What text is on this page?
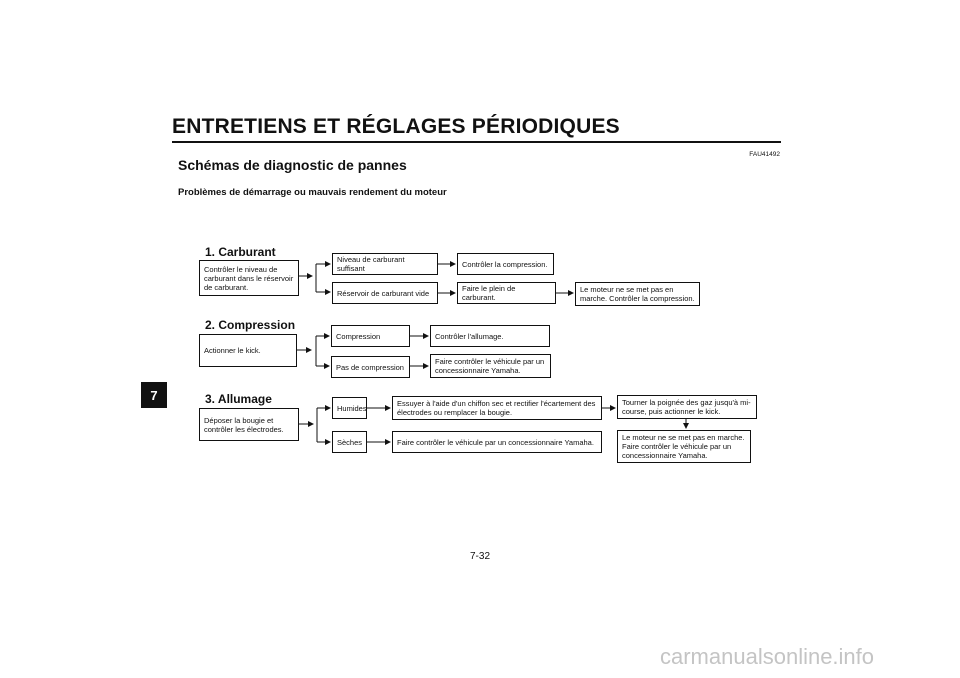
ENTRETIENS ET RÉGLAGES PÉRIODIQUES
FAU41492
Schémas de diagnostic de pannes
Problèmes de démarrage ou mauvais rendement du moteur
7
1. Carburant
Contrôler le niveau de carburant dans le réservoir de carburant.
Niveau de carburant suffisant	Contrôler la compression.
Réservoir de carburant vide	Faire le plein de carburant.
Le moteur ne se met pas en marche. Contrôler la compression.
2. Compression
Actionner le kick.
Compression	Contrôler l'allumage.
Pas de compression
Faire contrôler le véhicule par un concessionnaire Yamaha.
3. Allumage
Déposer la bougie et contrôler les électrodes.
Humides	Essuyer à l'aide d'un chiffon sec et rectifier l'écartement des électrodes ou remplacer la bougie.
Tourner la poignée des gaz jusqu'à mi-course, puis actionner le kick.
Le moteur ne se met pas en marche. Faire contrôler le véhicule par un concessionnaire Yamaha.
Sèches	Faire contrôler le véhicule par un concessionnaire Yamaha.
7-32
carmanualsonline.info
